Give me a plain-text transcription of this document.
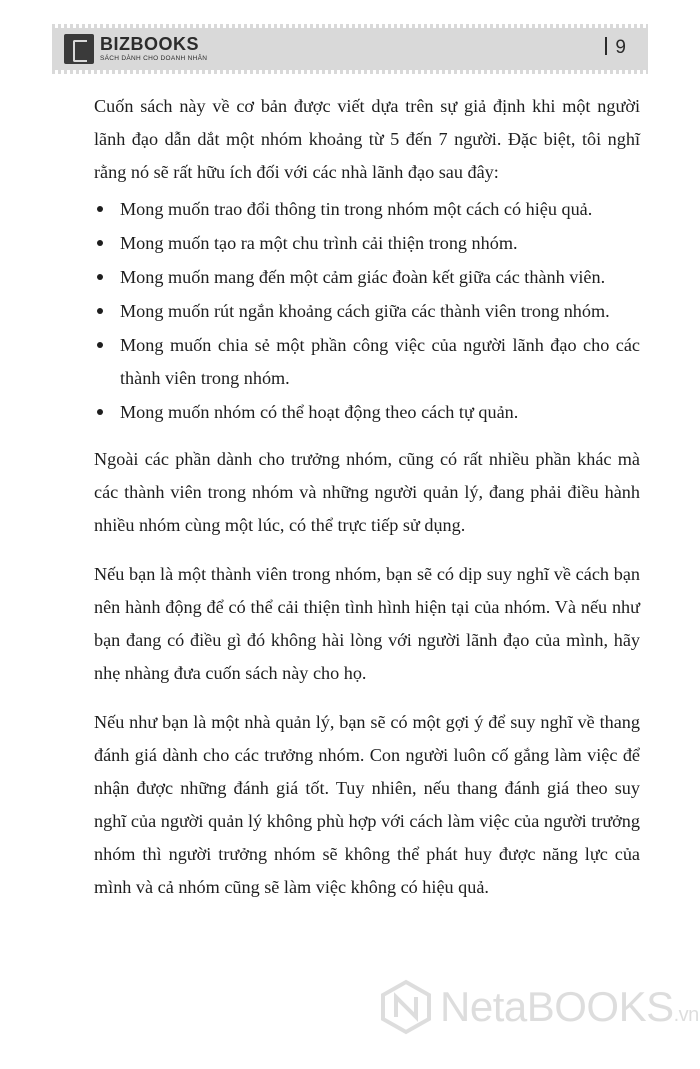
BIZBOOKS
SÁCH DÀNH CHO DOANH NHÂN
9

Cuốn sách này về cơ bản được viết dựa trên sự giả định khi một người lãnh đạo dẫn dắt một nhóm khoảng từ 5 đến 7 người. Đặc biệt, tôi nghĩ rằng nó sẽ rất hữu ích đối với các nhà lãnh đạo sau đây:

Mong muốn trao đổi thông tin trong nhóm một cách có hiệu quả.
Mong muốn tạo ra một chu trình cải thiện trong nhóm.
Mong muốn mang đến một cảm giác đoàn kết giữa các thành viên.
Mong muốn rút ngắn khoảng cách giữa các thành viên trong nhóm.
Mong muốn chia sẻ một phần công việc của người lãnh đạo cho các thành viên trong nhóm.
Mong muốn nhóm có thể hoạt động theo cách tự quản.

Ngoài các phần dành cho trưởng nhóm, cũng có rất nhiều phần khác mà các thành viên trong nhóm và những người quản lý, đang phải điều hành nhiều nhóm cùng một lúc, có thể trực tiếp sử dụng.

Nếu bạn là một thành viên trong nhóm, bạn sẽ có dịp suy nghĩ về cách bạn nên hành động để có thể cải thiện tình hình hiện tại của nhóm. Và nếu như bạn đang có điều gì đó không hài lòng với người lãnh đạo của mình, hãy nhẹ nhàng đưa cuốn sách này cho họ.

Nếu như bạn là một nhà quản lý, bạn sẽ có một gợi ý để suy nghĩ về thang đánh giá dành cho các trưởng nhóm. Con người luôn cố gắng làm việc để nhận được những đánh giá tốt. Tuy nhiên, nếu thang đánh giá theo suy nghĩ của người quản lý không phù hợp với cách làm việc của người trưởng nhóm thì người trưởng nhóm sẽ không thể phát huy được năng lực của mình và cả nhóm cũng sẽ làm việc không có hiệu quả.

NetaBOOKS.vn
